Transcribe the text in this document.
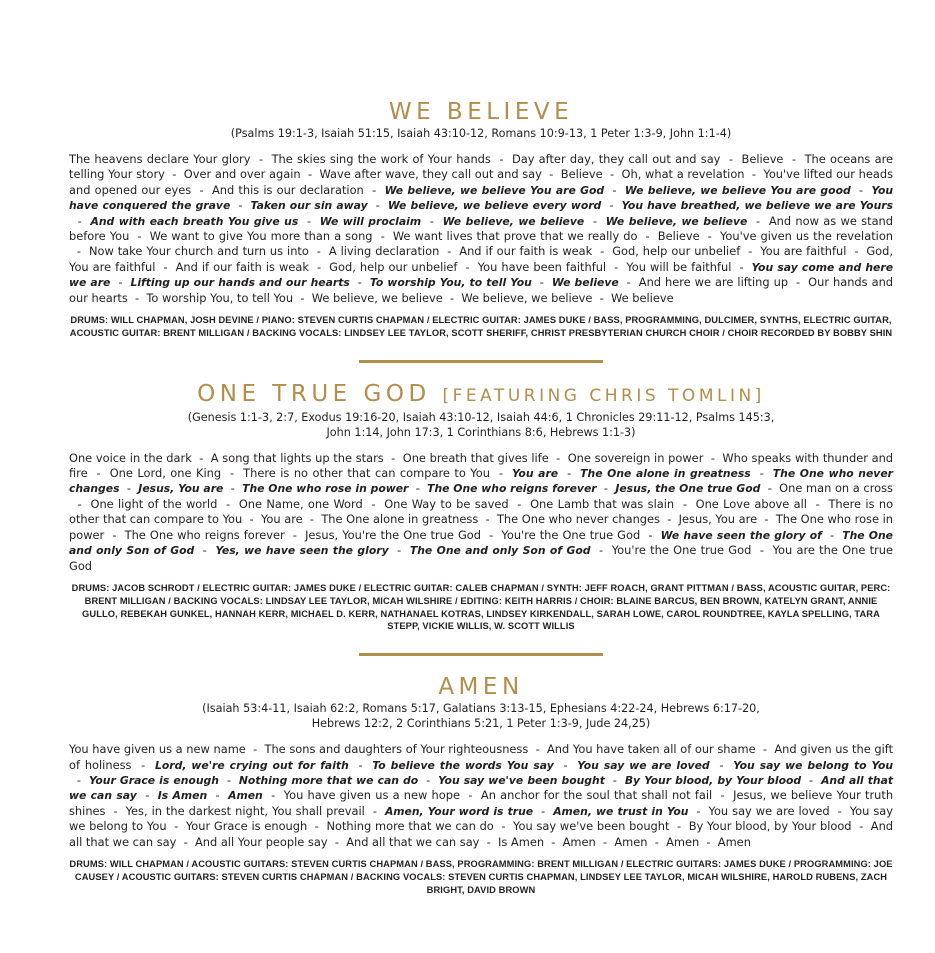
WE BELIEVE

(Psalms 19:1-3, Isaiah 51:15, Isaiah 43:10-12, Romans 10:9-13, 1 Peter 1:3-9, John 1:1-4)

The heavens declare Your glory  -  The skies sing the work of Your hands  -  Day after day, they call out and say  -  Believe  -  The oceans are telling Your story  -  Over and over again  -  Wave after wave, they call out and say  -  Believe  -  Oh, what a revelation  -  You've lifted our heads and opened our eyes  -  And this is our declaration  -  We believe, we believe You are God  -  We believe, we believe You are good  -  You have conquered the grave  -  Taken our sin away  -  We believe, we believe every word  -  You have breathed, we believe we are Yours  -  And with each breath You give us  -  We will proclaim  -  We believe, we believe  -  We believe, we believe  -  And now as we stand before You  -  We want to give You more than a song  -  We want lives that prove that we really do  -  Believe  -  You've given us the revelation  -  Now take Your church and turn us into  -  A living declaration  -  And if our faith is weak  -  God, help our unbelief  -  You are faithful  -  God, You are faithful  -  And if our faith is weak  -  God, help our unbelief  -  You have been faithful  -  You will be faithful  -  You say come and here we are  -  Lifting up our hands and our hearts  -  To worship You, to tell You  -  We believe  -  And here we are lifting up  -  Our hands and our hearts  -  To worship You, to tell You  -  We believe, we believe  -  We believe, we believe  -  We believe

DRUMS: WILL CHAPMAN, JOSH DEVINE / PIANO: STEVEN CURTIS CHAPMAN / ELECTRIC GUITAR: JAMES DUKE / BASS, PROGRAMMING, DULCIMER, SYNTHS, ELECTRIC GUITAR, ACOUSTIC GUITAR: BRENT MILLIGAN / BACKING VOCALS: LINDSEY LEE TAYLOR, SCOTT SHERIFF, CHRIST PRESBYTERIAN CHURCH CHOIR / CHOIR RECORDED BY BOBBY SHIN

ONE TRUE GOD [FEATURING CHRIS TOMLIN]

(Genesis 1:1-3, 2:7, Exodus 19:16-20, Isaiah 43:10-12, Isaiah 44:6, 1 Chronicles 29:11-12, Psalms 145:3,
John 1:14, John 17:3, 1 Corinthians 8:6, Hebrews 1:1-3)

One voice in the dark  -  A song that lights up the stars  -  One breath that gives life  -  One sovereign in power  -  Who speaks with thunder and fire  -  One Lord, one King  -  There is no other that can compare to You  -  You are  -  The One alone in greatness  -  The One who never changes  -  Jesus, You are  -  The One who rose in power  -  The One who reigns forever  -  Jesus, the One true God  -  One man on a cross  -  One light of the world  -  One Name, one Word  -  One Way to be saved  -  One Lamb that was slain  -  One Love above all  -  There is no other that can compare to You  -  You are  -  The One alone in greatness  -  The One who never changes  -  Jesus, You are  -  The One who rose in power  -  The One who reigns forever  -  Jesus, You're the One true God  -  You're the One true God  -  We have seen the glory of  -  The One and only Son of God  -  Yes, we have seen the glory  -  The One and only Son of God  -  You're the One true God  -  You are the One true God

DRUMS: JACOB SCHRODT / ELECTRIC GUITAR: JAMES DUKE / ELECTRIC GUITAR: CALEB CHAPMAN / SYNTH: JEFF ROACH, GRANT PITTMAN / BASS, ACOUSTIC GUITAR, PERC: BRENT MILLIGAN / BACKING VOCALS: LINDSAY LEE TAYLOR, MICAH WILSHIRE / EDITING: KEITH HARRIS / CHOIR: BLAINE BARCUS, BEN BROWN, KATELYN GRANT, ANNIE GULLO, REBEKAH GUNKEL, HANNAH KERR, MICHAEL D. KERR, NATHANAEL KOTRAS, LINDSEY KIRKENDALL, SARAH LOWE, CAROL ROUNDTREE, KAYLA SPELLING, TARA STEPP, VICKIE WILLIS, W. SCOTT WILLIS

AMEN

(Isaiah 53:4-11, Isaiah 62:2, Romans 5:17, Galatians 3:13-15, Ephesians 4:22-24, Hebrews 6:17-20,
Hebrews 12:2, 2 Corinthians 5:21, 1 Peter 1:3-9, Jude 24,25)

You have given us a new name  -  The sons and daughters of Your righteousness  -  And You have taken all of our shame  -  And given us the gift of holiness  -  Lord, we're crying out for faith  -  To believe the words You say  -  You say we are loved  -  You say we belong to You  -  Your Grace is enough  -  Nothing more that we can do  -  You say we've been bought  -  By Your blood, by Your blood  -  And all that we can say  -  Is Amen  -  Amen  -  You have given us a new hope  -  An anchor for the soul that shall not fail  -  Jesus, we believe Your truth shines  -  Yes, in the darkest night, You shall prevail  -  Amen, Your word is true  -  Amen, we trust in You  -  You say we are loved  -  You say we belong to You  -  Your Grace is enough  -  Nothing more that we can do  -  You say we've been bought  -  By Your blood, by Your blood  -  And all that we can say  -  And all Your people say  -  And all that we can say  -  Is Amen  -  Amen  -  Amen  -  Amen  -  Amen

DRUMS: WILL CHAPMAN / ACOUSTIC GUITARS: STEVEN CURTIS CHAPMAN / BASS, PROGRAMMING: BRENT MILLIGAN / ELECTRIC GUITARS: JAMES DUKE / PROGRAMMING: JOE CAUSEY / ACOUSTIC GUITARS: STEVEN CURTIS CHAPMAN / BACKING VOCALS: STEVEN CURTIS CHAPMAN, LINDSEY LEE TAYLOR, MICAH WILSHIRE, HAROLD RUBENS, ZACH BRIGHT, DAVID BROWN
